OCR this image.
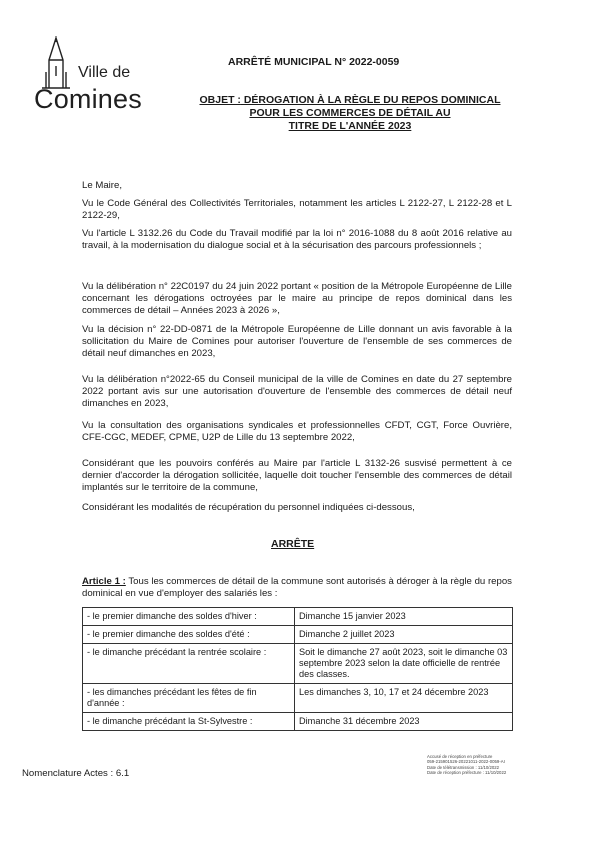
Ville de
Comines
ARRÊTÉ MUNICIPAL N° 2022-0059
OBJET : DÉROGATION À LA RÈGLE DU REPOS DOMINICAL
POUR LES COMMERCES DE DÉTAIL AU
TITRE DE L'ANNÉE 2023

Le Maire,

Vu le Code Général des Collectivités Territoriales, notamment les articles L 2122-27, L 2122-28 et L 2122-29,

Vu l'article L 3132.26 du Code du Travail modifié par la loi n° 2016-1088 du 8 août 2016 relative au travail, à la modernisation du dialogue social et à la sécurisation des parcours professionnels ;

Vu la délibération n° 22C0197 du 24 juin 2022 portant « position de la Métropole Européenne de Lille concernant les dérogations octroyées par le maire au principe de repos dominical dans les commerces de détail – Années 2023 à 2026 »,

Vu la décision n° 22-DD-0871 de la Métropole Européenne de Lille donnant un avis favorable à la sollicitation du Maire de Comines pour autoriser l'ouverture de l'ensemble de ses commerces de détail neuf dimanches en 2023,

Vu la délibération n°2022-65 du Conseil municipal de la ville de Comines en date du 27 septembre 2022 portant avis sur une autorisation d'ouverture de l'ensemble des commerces de détail neuf dimanches en 2023,

Vu la consultation des organisations syndicales et professionnelles CFDT, CGT, Force Ouvrière, CFE-CGC, MEDEF, CPME, U2P de Lille du 13 septembre 2022,

Considérant que les pouvoirs conférés au Maire par l'article L 3132-26 susvisé permettent à ce dernier d'accorder la dérogation sollicitée, laquelle doit toucher l'ensemble des commerces de détail implantés sur le territoire de la commune,

Considérant les modalités de récupération du personnel indiquées ci-dessous,

ARRÊTE
Article 1 : Tous les commerces de détail de la commune sont autorisés à déroger à la règle du repos dominical en vue d'employer des salariés les :
- le premier dimanche des soldes d'hiver :	Dimanche 15 janvier 2023
- le premier dimanche des soldes d'été :	Dimanche 2 juillet 2023
- le dimanche précédant la rentrée scolaire :	Soit le dimanche 27 août 2023, soit le dimanche 03 septembre 2023 selon la date officielle de rentrée des classes.
- les dimanches précédant les fêtes de fin d'année :	Les dimanches 3, 10, 17 et 24 décembre 2023
- le dimanche précédant la St-Sylvestre :	Dimanche 31 décembre 2023
Nomenclature Actes : 6.1
Accusé de réception en préfecture
059-215901526-20221011-2022-0059-AI
Date de télétransmission : 11/10/2022
Date de réception préfecture : 11/10/2022
